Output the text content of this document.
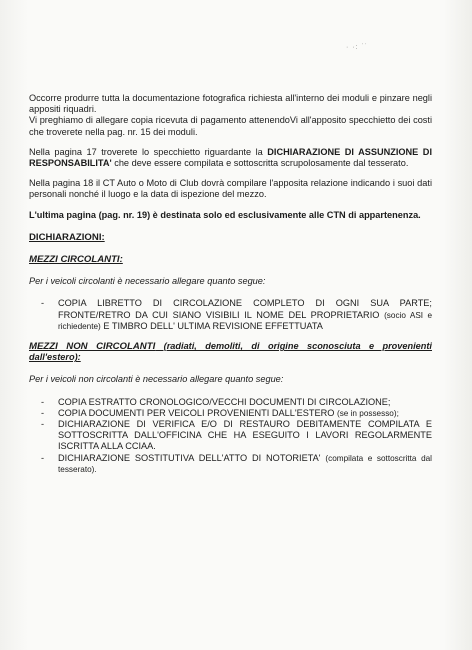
· ·: ˙˙

Occorre produrre tutta la documentazione fotografica richiesta all'interno dei moduli e pinzare negli appositi riquadri.

Vi preghiamo di allegare copia ricevuta di pagamento attenendoVi all'apposito specchietto dei costi che troverete nella pag. nr. 15 dei moduli.

Nella pagina 17 troverete lo specchietto riguardante la DICHIARAZIONE DI ASSUNZIONE DI RESPONSABILITA' che deve essere compilata e sottoscritta scrupolosamente dal tesserato.

Nella pagina 18 il CT Auto o Moto di Club dovrà compilare l'apposita relazione indicando i suoi dati personali nonché il luogo e la data di ispezione del mezzo.

L'ultima pagina (pag. nr. 19) è destinata solo ed esclusivamente alle CTN di appartenenza.

DICHIARAZIONI:

MEZZI CIRCOLANTI:

Per i veicoli circolanti è necessario allegare quanto segue:

- COPIA LIBRETTO DI CIRCOLAZIONE COMPLETO DI OGNI SUA PARTE; FRONTE/RETRO DA CUI SIANO VISIBILI IL NOME DEL PROPRIETARIO (socio ASI e richiedente) E TIMBRO DELL' ULTIMA REVISIONE EFFETTUATA

MEZZI NON CIRCOLANTI (radiati, demoliti, di origine sconosciuta e provenienti dall'estero):

Per i veicoli non circolanti è necessario allegare quanto segue:

- COPIA ESTRATTO CRONOLOGICO/VECCHI DOCUMENTI DI CIRCOLAZIONE;
- COPIA DOCUMENTI PER VEICOLI PROVENIENTI DALL'ESTERO (se in possesso);
- DICHIARAZIONE DI VERIFICA E/O DI RESTAURO DEBITAMENTE COMPILATA E SOTTOSCRITTA DALL'OFFICINA CHE HA ESEGUITO I LAVORI REGOLARMENTE ISCRITTA ALLA CCIAA.
- DICHIARAZIONE SOSTITUTIVA DELL'ATTO DI NOTORIETA' (compilata e sottoscritta dal tesserato).
